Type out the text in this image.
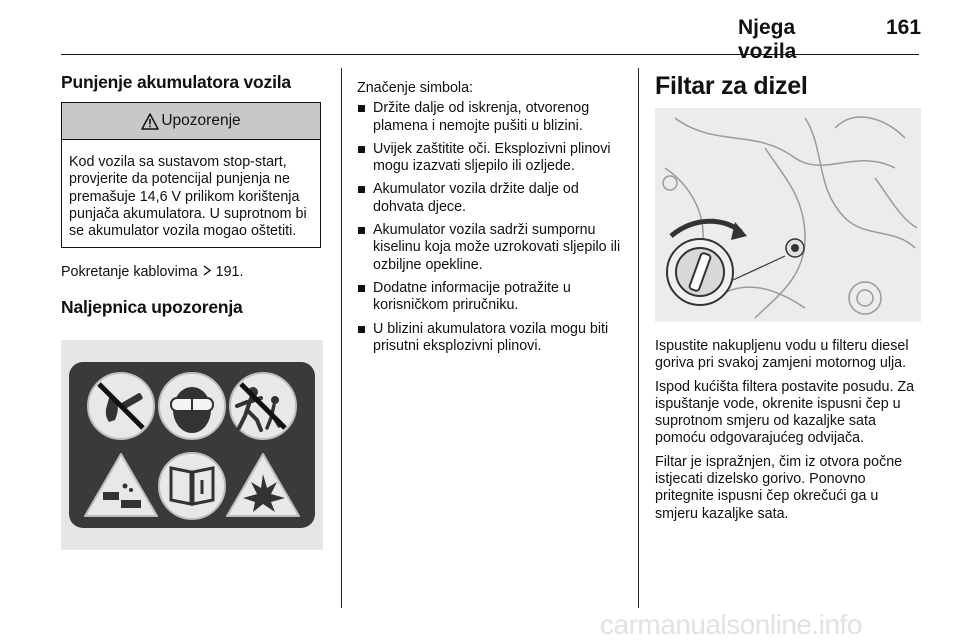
Njega vozila
161
Punjenje akumulatora vozila
Upozorenje
Kod vozila sa sustavom stop-start, provjerite da potencijal punjenja ne premašuje 14,6 V prilikom korištenja punjača akumulatora. U suprotnom bi se akumulator vozila mogao oštetiti.

Pokretanje kablovima 191.

Naljepnica upozorenja

Značenje simbola:

Držite dalje od iskrenja, otvorenog plamena i nemojte pušiti u blizini.
Uvijek zaštitite oči. Eksplozivni plinovi mogu izazvati sljepilo ili ozljede.
Akumulator vozila držite dalje od dohvata djece.
Akumulator vozila sadrži sumpornu kiselinu koja može uzrokovati sljepilo ili ozbiljne opekline.
Dodatne informacije potražite u korisničkom priručniku.
U blizini akumulatora vozila mogu biti prisutni eksplozivni plinovi.
Filtar za dizel

Ispustite nakupljenu vodu u filteru diesel goriva pri svakoj zamjeni motornog ulja.

Ispod kućišta filtera postavite posudu. Za ispuštanje vode, okrenite ispusni čep u suprotnom smjeru od kazaljke sata pomoću odgovarajućeg odvijača.

Filtar je ispražnjen, čim iz otvora počne istjecati dizelsko gorivo. Ponovno pritegnite ispusni čep okrečući ga u smjeru kazaljke sata.

carmanualsonline.info
